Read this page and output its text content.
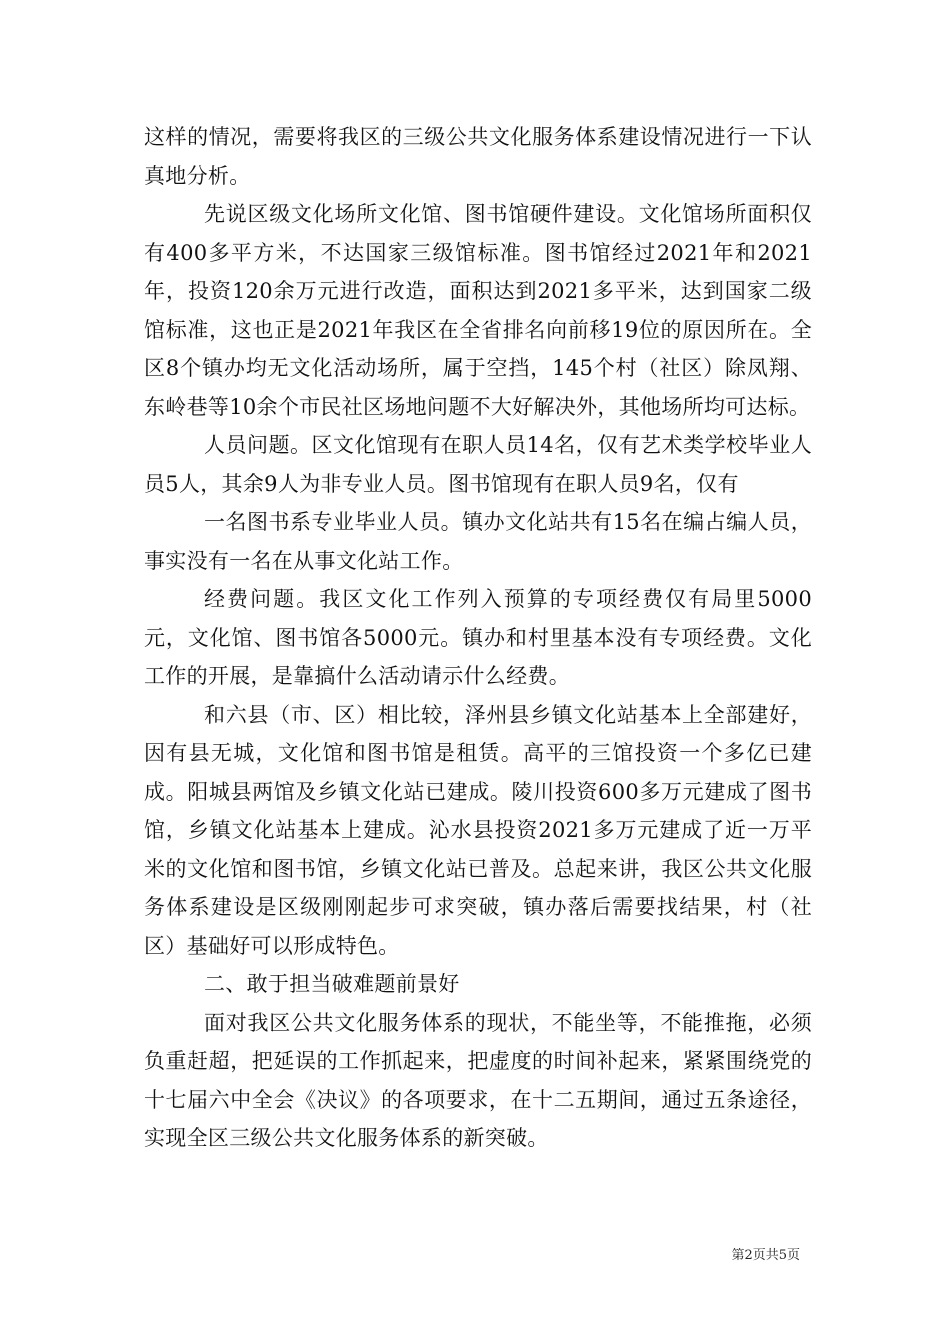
这样的情况，需要将我区的三级公共文化服务体系建设情况进行一下认真地分析。

先说区级文化场所文化馆、图书馆硬件建设。文化馆场所面积仅有400多平方米，不达国家三级馆标准。图书馆经过2021年和2021年，投资120余万元进行改造，面积达到2021多平米，达到国家二级馆标准，这也正是2021年我区在全省排名向前移19位的原因所在。全区8个镇办均无文化活动场所，属于空挡，145个村（社区）除凤翔、东岭巷等10余个市民社区场地问题不大好解决外，其他场所均可达标。

人员问题。区文化馆现有在职人员14名，仅有艺术类学校毕业人员5人，其余9人为非专业人员。图书馆现有在职人员9名，仅有

一名图书系专业毕业人员。镇办文化站共有15名在编占编人员，事实没有一名在从事文化站工作。

经费问题。我区文化工作列入预算的专项经费仅有局里5000元，文化馆、图书馆各5000元。镇办和村里基本没有专项经费。文化工作的开展，是靠搞什么活动请示什么经费。

和六县（市、区）相比较，泽州县乡镇文化站基本上全部建好，因有县无城，文化馆和图书馆是租赁。高平的三馆投资一个多亿已建成。阳城县两馆及乡镇文化站已建成。陵川投资600多万元建成了图书馆，乡镇文化站基本上建成。沁水县投资2021多万元建成了近一万平米的文化馆和图书馆，乡镇文化站已普及。总起来讲，我区公共文化服务体系建设是区级刚刚起步可求突破，镇办落后需要找结果，村（社区）基础好可以形成特色。

二、敢于担当破难题前景好

面对我区公共文化服务体系的现状，不能坐等，不能推拖，必须负重赶超，把延误的工作抓起来，把虚度的时间补起来，紧紧围绕党的十七届六中全会《决议》的各项要求，在十二五期间，通过五条途径，实现全区三级公共文化服务体系的新突破。

第2页共5页
